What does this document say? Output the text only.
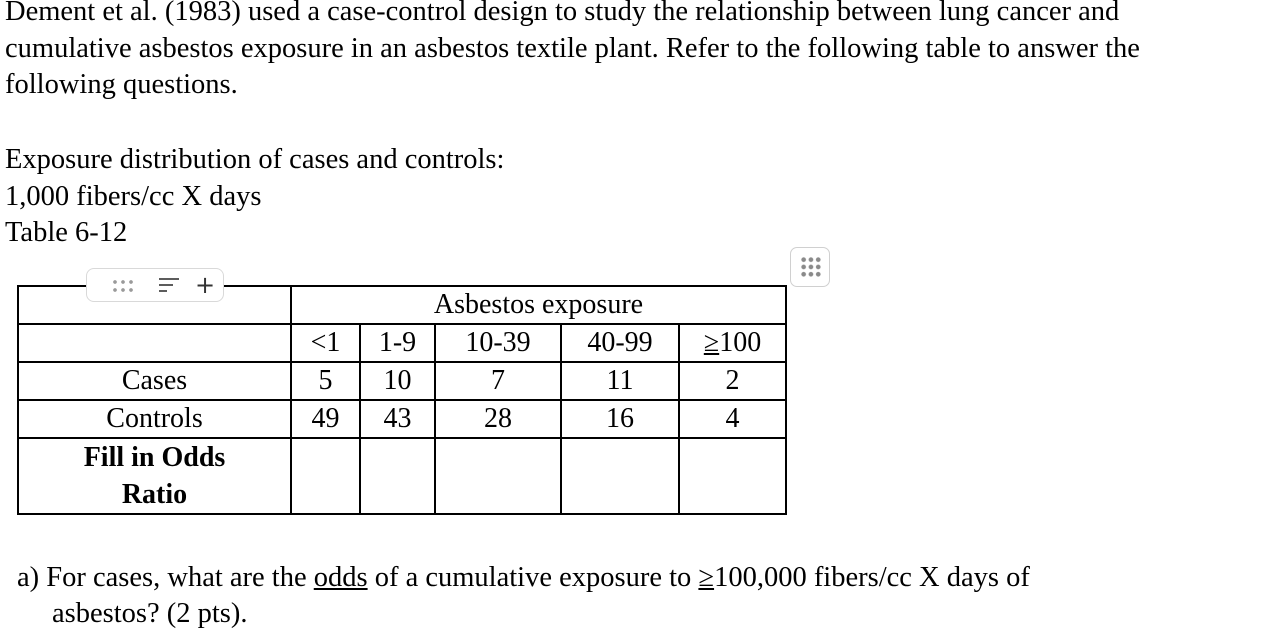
Dement et al. (1983) used a case-control design to study the relationship between lung cancer and cumulative asbestos exposure in an asbestos textile plant. Refer to the following table to answer the following questions.
Exposure distribution of cases and controls:
1,000 fibers/cc X days
Table 6-12
	Asbestos exposure				
	<1	1-9	10-39	40-99	≥100
Cases	5	10	7	11	2
Controls	49	43	28	16	4
Fill in Odds
Ratio					
+
a) For cases, what are the odds of a cumulative exposure to ≥100,000 fibers/cc X days of
asbestos? (2 pts).
